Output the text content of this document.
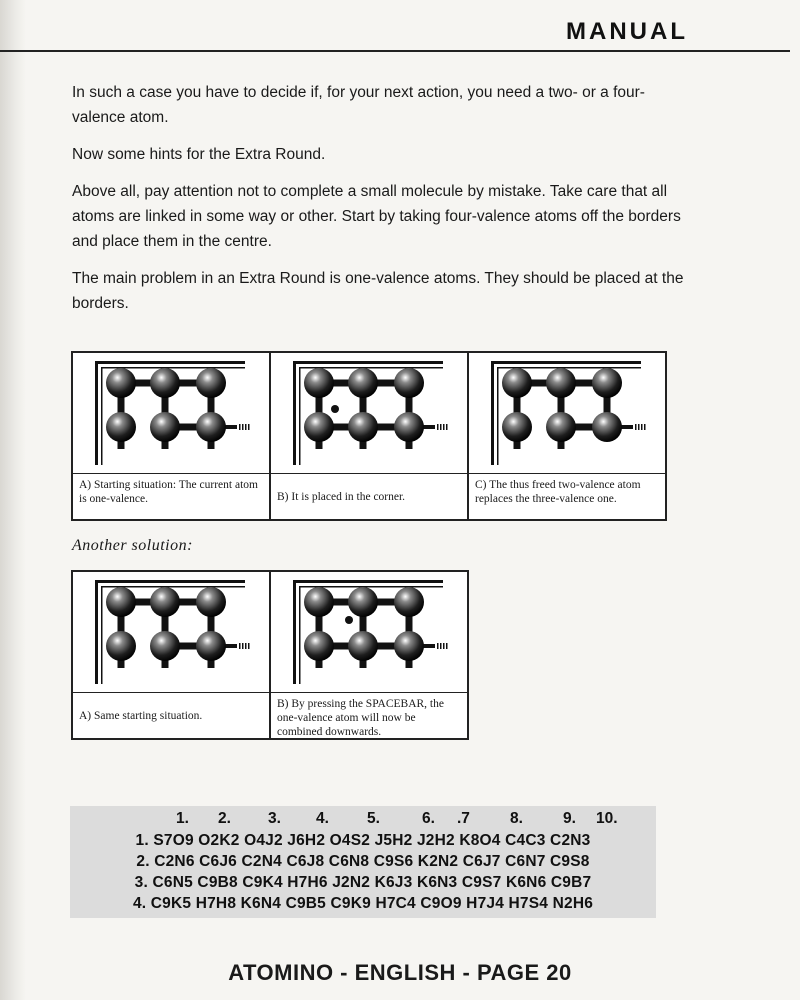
MANUAL

In such a case you have to decide if, for your next action, you need a two- or a four-valence atom.

Now some hints for the Extra Round.

Above all, pay attention not to complete a small molecule by mistake. Take care that all atoms are linked in some way or other. Start by taking four-valence atoms off the borders and place them in the centre.

The main problem in an Extra Round is one-valence atoms. They should be placed at the borders.

A) Starting situation: The current atom is one-valence.	B) It is placed in the corner.
C) The thus freed two-valence atom replaces the three-valence one.
Another solution:
A) Same starting situation.
B) By pressing the SPACEBAR, the one-valence atom will now be combined downwards.
1. 2. 3. 4. 5.	6. .7	8.	9. 10.
1. S7O9 O2K2 O4J2 J6H2 O4S2 J5H2 J2H2 K8O4 C4C3 C2N3
2. C2N6 C6J6 C2N4 C6J8 C6N8 C9S6 K2N2 C6J7 C6N7 C9S8
3. C6N5 C9B8 C9K4 H7H6 J2N2 K6J3 K6N3 C9S7 K6N6 C9B7
4. C9K5 H7H8 K6N4 C9B5 C9K9 H7C4 C9O9 H7J4 H7S4 N2H6
ATOMINO - ENGLISH - PAGE 20
